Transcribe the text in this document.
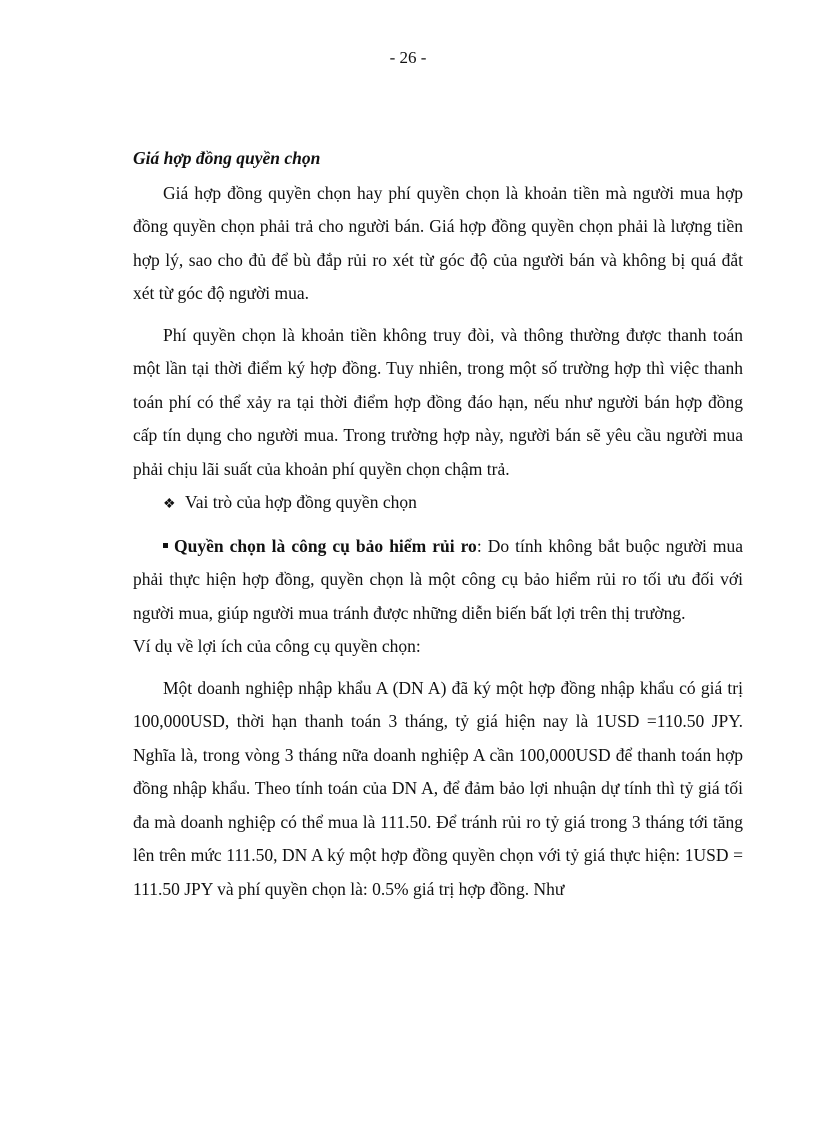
- 26 -

Giá hợp đồng quyền chọn

Giá hợp đồng quyền chọn hay phí quyền chọn là khoản tiền mà người mua hợp đồng quyền chọn phải trả cho người bán. Giá hợp đồng quyền chọn phải là lượng tiền hợp lý, sao cho đủ để bù đắp rủi ro xét từ góc độ của người bán và không bị quá đắt xét từ góc độ người mua.

Phí quyền chọn là khoản tiền không truy đòi, và thông thường được thanh toán một lần tại thời điểm ký hợp đồng. Tuy nhiên, trong một số trường hợp thì việc thanh toán phí có thể xảy ra tại thời điểm hợp đồng đáo hạn, nếu như người bán hợp đồng cấp tín dụng cho người mua. Trong trường hợp này, người bán sẽ yêu cầu người mua phải chịu lãi suất của khoản phí quyền chọn chậm trả.

❖ Vai trò của hợp đồng quyền chọn

Quyền chọn là công cụ bảo hiểm rủi ro: Do tính không bắt buộc người mua phải thực hiện hợp đồng, quyền chọn là một công cụ bảo hiểm rủi ro tối ưu đối với người mua, giúp người mua tránh được những diễn biến bất lợi trên thị trường.

Ví dụ về lợi ích của công cụ quyền chọn:

Một doanh nghiệp nhập khẩu A (DN A) đã ký một hợp đồng nhập khẩu có giá trị 100,000USD, thời hạn thanh toán 3 tháng, tỷ giá hiện nay là 1USD =110.50 JPY. Nghĩa là, trong vòng 3 tháng nữa doanh nghiệp A cần 100,000USD để thanh toán hợp đồng nhập khẩu. Theo tính toán của DN A, để đảm bảo lợi nhuận dự tính thì tỷ giá tối đa mà doanh nghiệp có thể mua là 111.50. Để tránh rủi ro tỷ giá trong 3 tháng tới tăng lên trên mức 111.50, DN A ký một hợp đồng quyền chọn với tỷ giá thực hiện: 1USD = 111.50 JPY và phí quyền chọn là: 0.5% giá trị hợp đồng. Như
